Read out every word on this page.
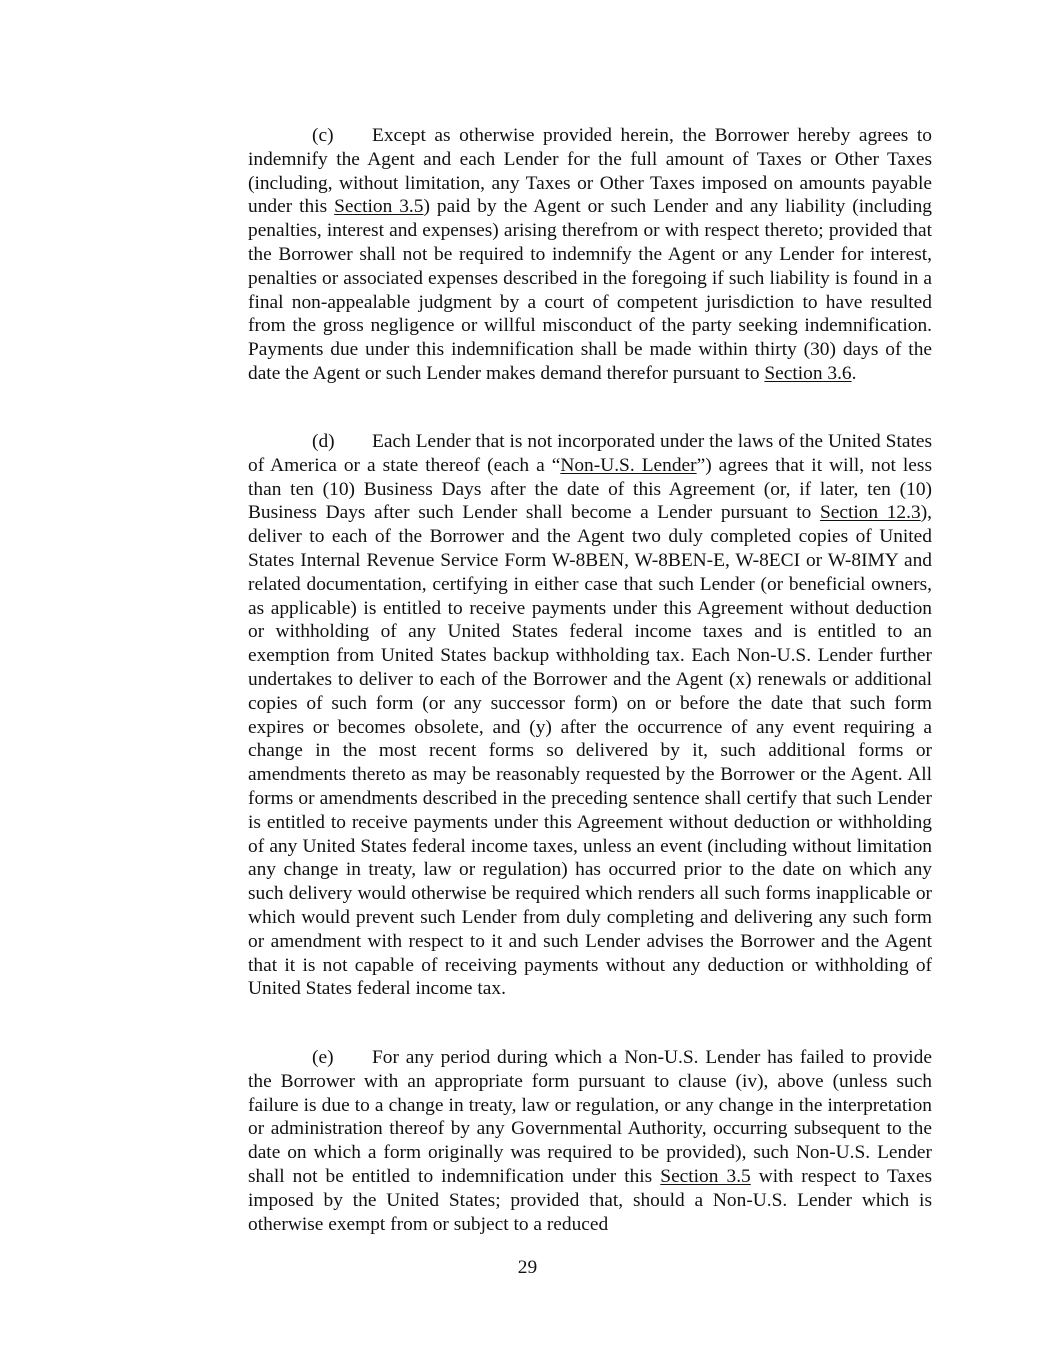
(c) Except as otherwise provided herein, the Borrower hereby agrees to indemnify the Agent and each Lender for the full amount of Taxes or Other Taxes (including, without limitation, any Taxes or Other Taxes imposed on amounts payable under this Section 3.5) paid by the Agent or such Lender and any liability (including penalties, interest and expenses) arising therefrom or with respect thereto; provided that the Borrower shall not be required to indemnify the Agent or any Lender for interest, penalties or associated expenses described in the foregoing if such liability is found in a final non-appealable judgment by a court of competent jurisdiction to have resulted from the gross negligence or willful misconduct of the party seeking indemnification. Payments due under this indemnification shall be made within thirty (30) days of the date the Agent or such Lender makes demand therefor pursuant to Section 3.6.

(d) Each Lender that is not incorporated under the laws of the United States of America or a state thereof (each a “Non-U.S. Lender”) agrees that it will, not less than ten (10) Business Days after the date of this Agreement (or, if later, ten (10) Business Days after such Lender shall become a Lender pursuant to Section 12.3), deliver to each of the Borrower and the Agent two duly completed copies of United States Internal Revenue Service Form W-8BEN, W-8BEN-E, W-8ECI or W-8IMY and related documentation, certifying in either case that such Lender (or beneficial owners, as applicable) is entitled to receive payments under this Agreement without deduction or withholding of any United States federal income taxes and is entitled to an exemption from United States backup withholding tax. Each Non-U.S. Lender further undertakes to deliver to each of the Borrower and the Agent (x) renewals or additional copies of such form (or any successor form) on or before the date that such form expires or becomes obsolete, and (y) after the occurrence of any event requiring a change in the most recent forms so delivered by it, such additional forms or amendments thereto as may be reasonably requested by the Borrower or the Agent. All forms or amendments described in the preceding sentence shall certify that such Lender is entitled to receive payments under this Agreement without deduction or withholding of any United States federal income taxes, unless an event (including without limitation any change in treaty, law or regulation) has occurred prior to the date on which any such delivery would otherwise be required which renders all such forms inapplicable or which would prevent such Lender from duly completing and delivering any such form or amendment with respect to it and such Lender advises the Borrower and the Agent that it is not capable of receiving payments without any deduction or withholding of United States federal income tax.

(e) For any period during which a Non-U.S. Lender has failed to provide the Borrower with an appropriate form pursuant to clause (iv), above (unless such failure is due to a change in treaty, law or regulation, or any change in the interpretation or administration thereof by any Governmental Authority, occurring subsequent to the date on which a form originally was required to be provided), such Non-U.S. Lender shall not be entitled to indemnification under this Section 3.5 with respect to Taxes imposed by the United States; provided that, should a Non-U.S. Lender which is otherwise exempt from or subject to a reduced

29
